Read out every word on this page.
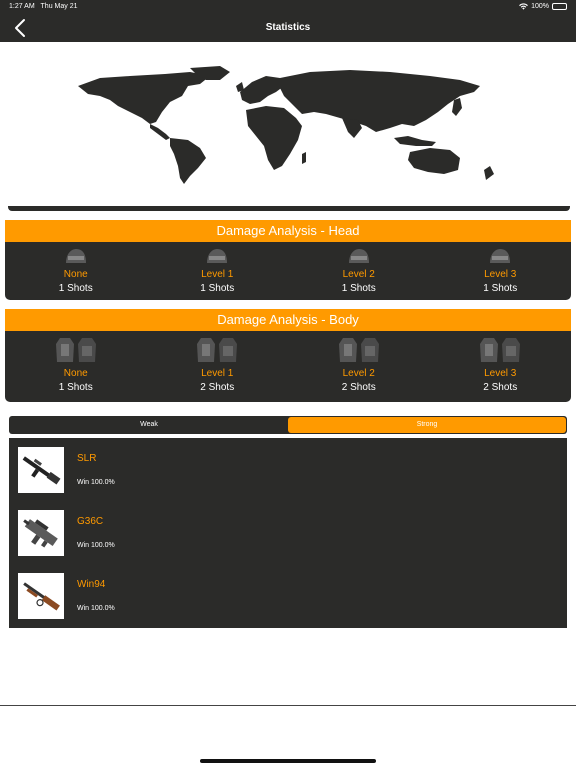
1:27 AM Thu May 21	100%
Statistics
Damage Analysis - Head
None
1 Shots
Level 1
1 Shots
Level 2
1 Shots
Level 3
1 Shots
Damage Analysis - Body
None
1 Shots
Level 1
2 Shots
Level 2
2 Shots
Level 3
2 Shots
Weak	Strong
SLR
Win 100.0%
G36C
Win 100.0%
Win94
Win 100.0%
